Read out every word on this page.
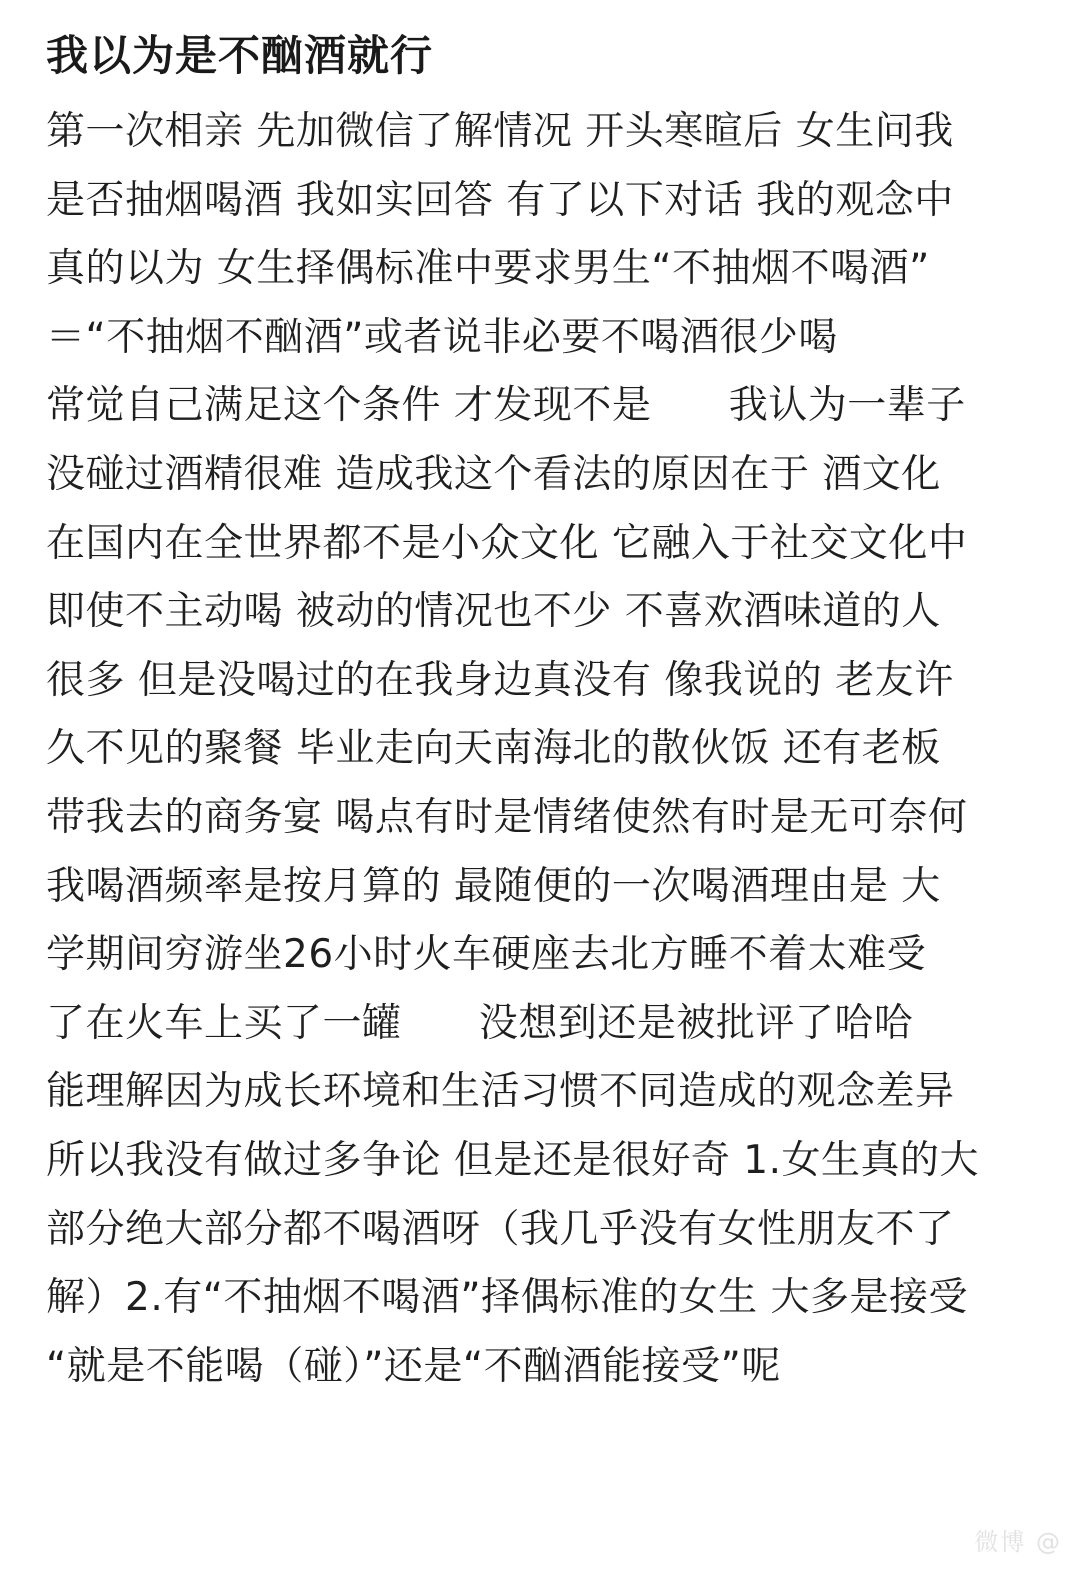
我以为是不酗酒就行
第一次相亲 先加微信了解情况 开头寒暄后 女生问我
是否抽烟喝酒 我如实回答 有了以下对话 我的观念中
真的以为 女生择偶标准中要求男生“不抽烟不喝酒”
＝“不抽烟不酗酒”或者说非必要不喝酒很少喝
常觉自己满足这个条件 才发现不是      我认为一辈子
没碰过酒精很难 造成我这个看法的原因在于 酒文化
在国内在全世界都不是小众文化 它融入于社交文化中
即使不主动喝 被动的情况也不少 不喜欢酒味道的人
很多 但是没喝过的在我身边真没有 像我说的 老友许
久不见的聚餐 毕业走向天南海北的散伙饭 还有老板
带我去的商务宴 喝点有时是情绪使然有时是无可奈何
我喝酒频率是按月算的 最随便的一次喝酒理由是 大
学期间穷游坐26小时火车硬座去北方睡不着太难受
了在火车上买了一罐      没想到还是被批评了哈哈
能理解因为成长环境和生活习惯不同造成的观念差异
所以我没有做过多争论 但是还是很好奇 1.女生真的大
部分绝大部分都不喝酒呀（我几乎没有女性朋友不了
解）2.有“不抽烟不喝酒”择偶标准的女生 大多是接受
“就是不能喝（碰）”还是“不酗酒能接受”呢
微博 @
